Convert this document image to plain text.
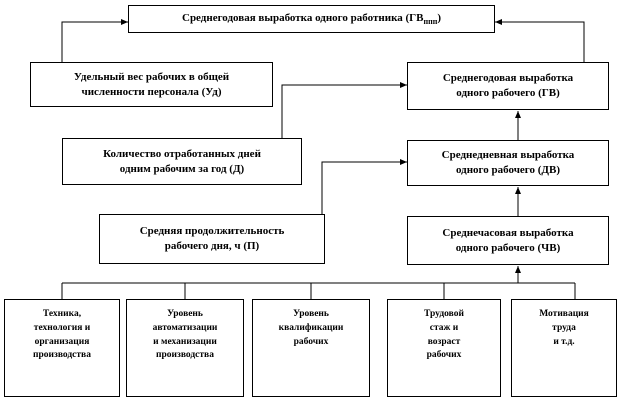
Среднегодовая выработка одного работника $(ГВ_{ппп})$
Удельный вес рабочих в общей
численности персонала (Уд)
Среднегодовая выработка
одного рабочего (ГВ)
Количество отработанных дней
одним рабочим за год (Д)
Среднедневная выработка
одного рабочего (ДВ)
Средняя продолжительность
рабочего дня, ч (П)
Среднечасовая выработка
одного рабочего (ЧВ)
Техника,
технология и
организация
производства
Уровень
автоматизации
и механизации
производства
Уровень
квалификации
рабочих
Трудовой
стаж и
возраст
рабочих
Мотивация
труда
и т.д.
